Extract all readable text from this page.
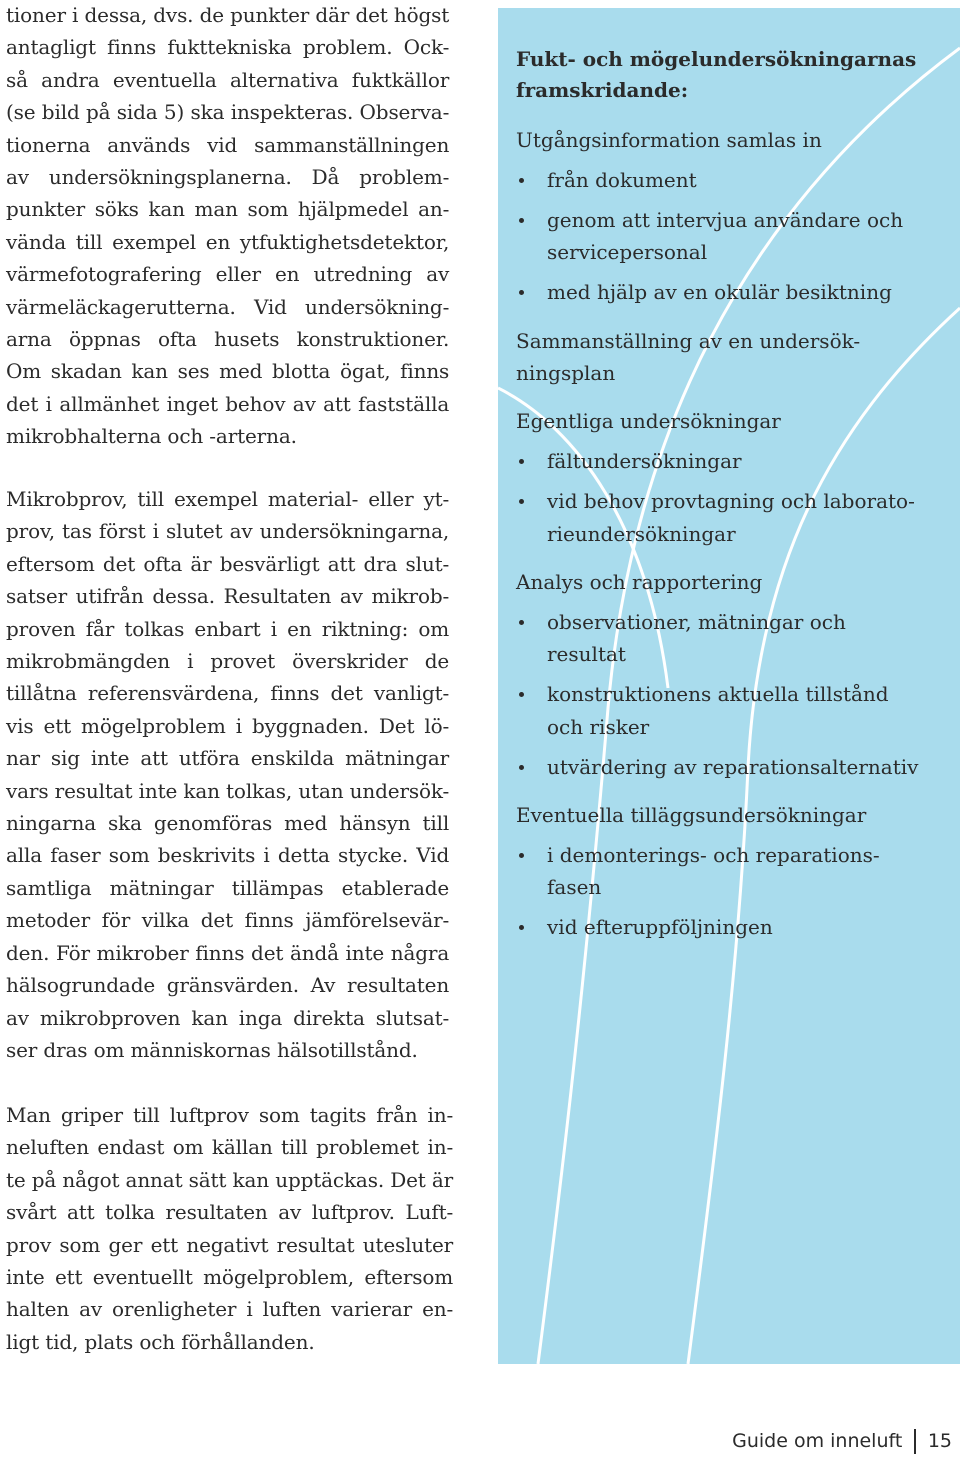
tioner i dessa, dvs. de punkter där det högst
antagligt finns fukttekniska problem. Ock-
så andra eventuella alternativa fuktkällor
(se bild på sida 5) ska inspekteras. Observa-
tionerna används vid sammanställningen
av undersökningsplanerna. Då problem-
punkter söks kan man som hjälpmedel an-
vända till exempel en ytfuktighetsdetektor,
värmefotografering eller en utredning av
värmeläckagerutterna. Vid undersökning-
arna öppnas ofta husets konstruktioner.
Om skadan kan ses med blotta ögat, finns
det i allmänhet inget behov av att fastställa
mikrobhalterna och -arterna.

Mikrobprov, till exempel material- eller yt-
prov, tas först i slutet av undersökningarna,
eftersom det ofta är besvärligt att dra slut-
satser utifrån dessa. Resultaten av mikrob-
proven får tolkas enbart i en riktning: om
mikrobmängden i provet överskrider de
tillåtna referensvärdena, finns det vanligt-
vis ett mögelproblem i byggnaden. Det lö-
nar sig inte att utföra enskilda mätningar
vars resultat inte kan tolkas, utan undersök-
ningarna ska genomföras med hänsyn till
alla faser som beskrivits i detta stycke. Vid
samtliga mätningar tillämpas etablerade
metoder för vilka det finns jämförelsevär-
den. För mikrober finns det ändå inte några
hälsogrundade gränsvärden. Av resultaten
av mikrobproven kan inga direkta slutsat-
ser dras om människornas hälsotillstånd.

Man griper till luftprov som tagits från in-
neluften endast om källan till problemet in-
te på något annat sätt kan upptäckas. Det är
svårt att tolka resultaten av luftprov. Luft-
prov som ger ett negativt resultat utesluter
inte ett eventuellt mögelproblem, eftersom
halten av orenligheter i luften varierar en-
ligt tid, plats och förhållanden.

Fukt- och mögelundersökningarnas
framskridande:
Utgångsinformation samlas in
från dokument
genom att intervjua användare och
servicepersonal
med hjälp av en okulär besiktning
Sammanställning av en undersök-
ningsplan
Egentliga undersökningar
fältundersökningar
vid behov provtagning och laborato-
rieundersökningar
Analys och rapportering
observationer, mätningar och
resultat
konstruktionens aktuella tillstånd
och risker
utvärdering av reparationsalternativ
Eventuella tilläggsundersökningar
i demonterings- och reparations-
fasen
vid efteruppföljningen
Guide om inneluft 15
